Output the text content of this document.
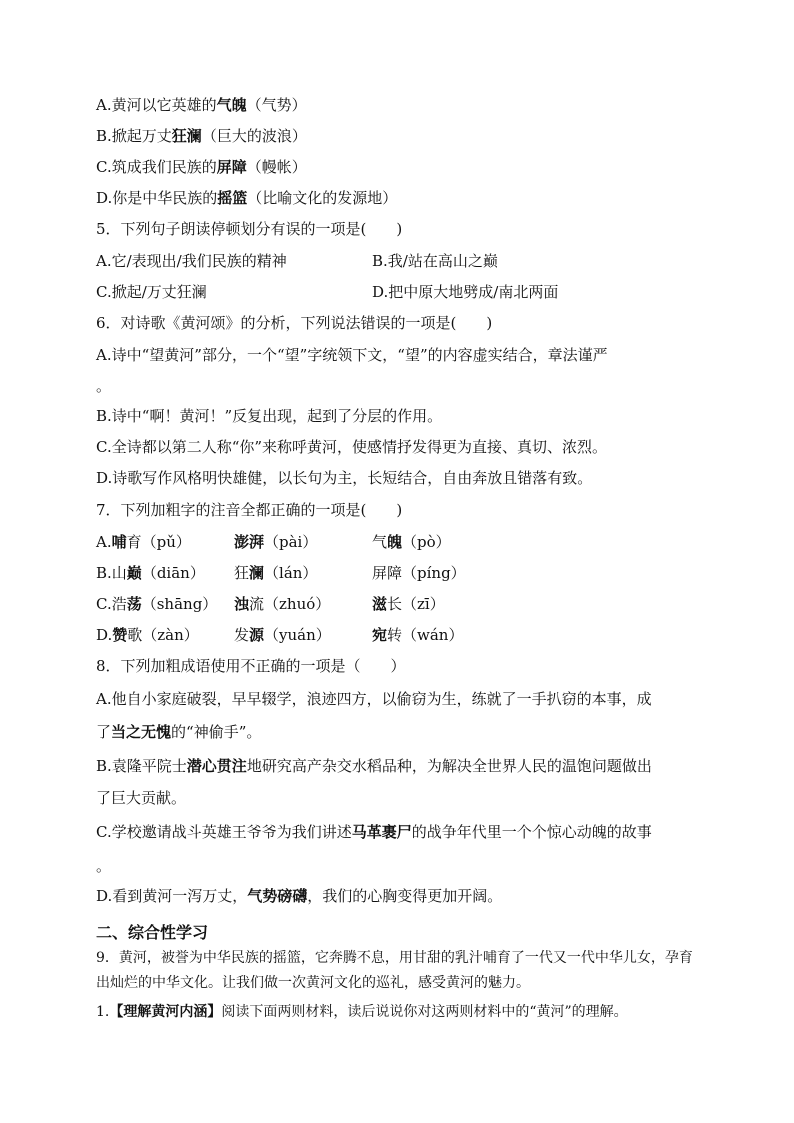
A.黄河以它英雄的气魄（气势）
B.掀起万丈狂澜（巨大的波浪）
C.筑成我们民族的屏障（幔帐）
D.你是中华民族的摇篮（比喻文化的发源地）
5．下列句子朗读停顿划分有误的一项是(　　)
A.它/表现出/我们民族的精神	B.我/站在高山之巅
C.掀起/万丈狂澜	D.把中原大地劈成/南北两面
6．对诗歌《黄河颂》的分析，下列说法错误的一项是(　　)
A.诗中“望黄河”部分，一个“望”字统领下文，“望”的内容虚实结合，章法谨严
。
B.诗中“啊！黄河！”反复出现，起到了分层的作用。
C.全诗都以第二人称“你”来称呼黄河，使感情抒发得更为直接、真切、浓烈。
D.诗歌写作风格明快雄健，以长句为主，长短结合，自由奔放且错落有致。
7．下列加粗字的注音全都正确的一项是(　　)
A.哺育（pǔ）	澎湃（pài）	气魄（pò）
B.山巅（diān） 狂澜（lán）	屏障（píng）
C.浩荡（shāng） 浊流（zhuó）	滋长（zī）
D.赞歌（zàn） 发源（yuán）	宛转（wán）
8．下列加粗成语使用不正确的一项是（　　）
A.他自小家庭破裂，早早辍学，浪迹四方，以偷窃为生，练就了一手扒窃的本事，成
了当之无愧的“神偷手”。
B.袁隆平院士潜心贯注地研究高产杂交水稻品种，为解决全世界人民的温饱问题做出
了巨大贡献。
C.学校邀请战斗英雄王爷爷为我们讲述马革裹尸的战争年代里一个个惊心动魄的故事
。
D.看到黄河一泻万丈，气势磅礴，我们的心胸变得更加开阔。
二、综合性学习
9．黄河，被誉为中华民族的摇篮，它奔腾不息，用甘甜的乳汁哺育了一代又一代中华儿女，孕育
出灿烂的中华文化。让我们做一次黄河文化的巡礼，感受黄河的魅力。
1.【理解黄河内涵】阅读下面两则材料，读后说说你对这两则材料中的“黄河”的理解。
